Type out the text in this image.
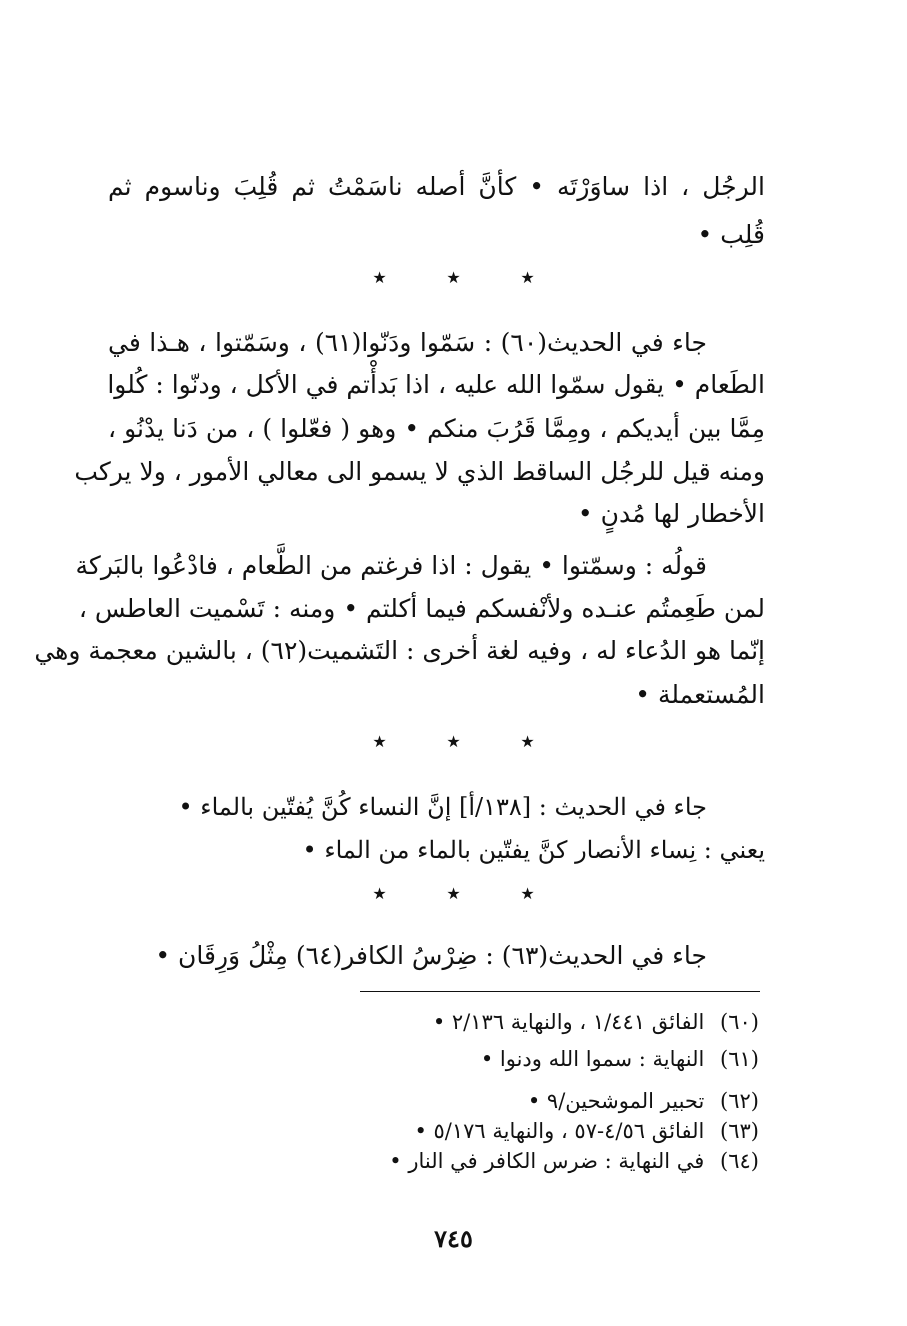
الرجُل ، اذا ساوَرْتَه • كأنَّ أصله ناسَمْتُ ثم قُلِبَ وناسوم ثم
قُلِب •
★	★	★
جاء في الحديث(٦٠) : سَمّوا ودَنّوا(٦١) ، وسَمّتوا ، هـذا في
الطَعام • يقول سمّوا الله عليه ، اذا بَدأْتم في الأكل ، ودنّوا : كُلوا
مِمَّا بين أيديكم ، ومِمَّا قَرُبَ منكم • وهو ( فعّلوا ) ، من دَنا يدْنُو ،
ومنه قيل للرجُل الساقط الذي لا يسمو الى معالي الأمور ، ولا يركب
الأخطار لها مُدنٍ •
قولُه : وسمّتوا • يقول : اذا فرغتم من الطَّعام ، فادْعُوا بالبَركة
لمن طَعِمتُم عنـده ولأنْفسكم فيما أكلتم • ومنه : تَسْميت العاطس ،
إنّما هو الدُعاء له ، وفيه لغة أخرى : التَشميت(٦٢) ، بالشين معجمة وهي
المُستعملة •
★	★	★
جاء في الحديث : [١٣٨/أ] إنَّ النساء كُنَّ يُفتّين بالماء •
يعني : نِساء الأنصار كنَّ يفتّين بالماء من الماء •
★	★	★
جاء في الحديث(٦٣) : ضِرْسُ الكافر(٦٤) مِثْلُ وَرِقَان •
(٦٠) الفائق ١/٤٤١ ، والنهاية ٢/١٣٦ •
(٦١) النهاية : سموا الله ودنوا •
(٦٢) تحبير الموشحين/٩ •
(٦٣) الفائق ٤/٥٦-٥٧ ، والنهاية ٥/١٧٦ •
(٦٤) في النهاية : ضرس الكافر في النار •
٧٤٥
